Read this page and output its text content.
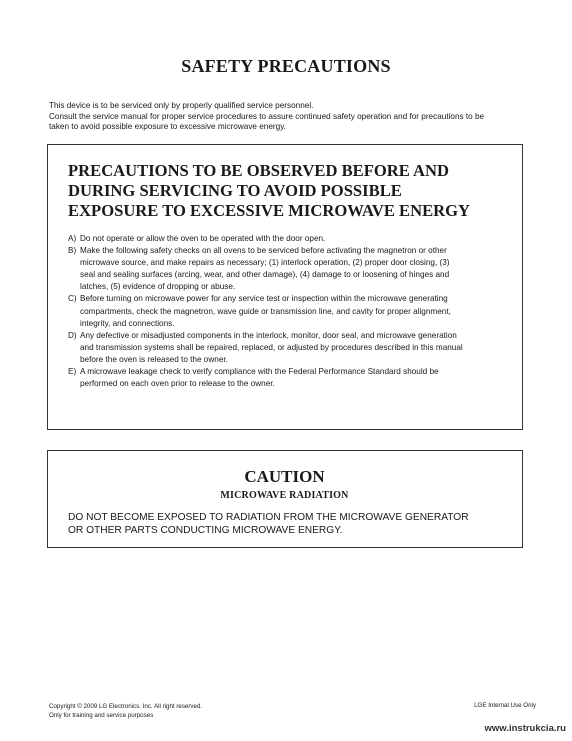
SAFETY PRECAUTIONS
This device is to be serviced only by properly qualified service personnel.
Consult the service manual for proper service procedures to assure continued safety operation and for precautions to be
taken to avoid possible exposure to excessive microwave energy.
PRECAUTIONS TO BE OBSERVED BEFORE AND
DURING SERVICING TO AVOID POSSIBLE
EXPOSURE TO EXCESSIVE MICROWAVE ENERGY
A) Do not operate or allow the oven to be operated with the door open.
B) Make the following safety checks on all ovens to be serviced before activating the magnetron or other
microwave source, and make repairs as necessary; (1) interlock operation, (2) proper door closing, (3)
seal and sealing surfaces (arcing, wear, and other damage), (4) damage to or loosening of hinges and
latches, (5) evidence of dropping or abuse.
C) Before turning on microwave power for any service test or inspection within the microwave generating
compartments, check the magnetron, wave guide or transmission line, and cavity for proper alignment,
integrity, and connections.
D) Any defective or misadjusted components in the interlock, monitor, door seal, and microwave generation
and transmission systems shall be repaired, replaced, or adjusted by procedures described in this manual
before the oven is released to the owner.
E) A microwave leakage check to verify compliance with the Federal Performance Standard should be
performed on each oven prior to release to the owner.
CAUTION
MICROWAVE RADIATION
DO NOT BECOME EXPOSED TO RADIATION FROM THE MICROWAVE GENERATOR
OR OTHER PARTS CONDUCTING MICROWAVE ENERGY.
Copyright © 2009 LG Electronics. Inc. All right reserved.
Only for training and service purposes
LGE Internal Use Only
www.instrukcia.ru
